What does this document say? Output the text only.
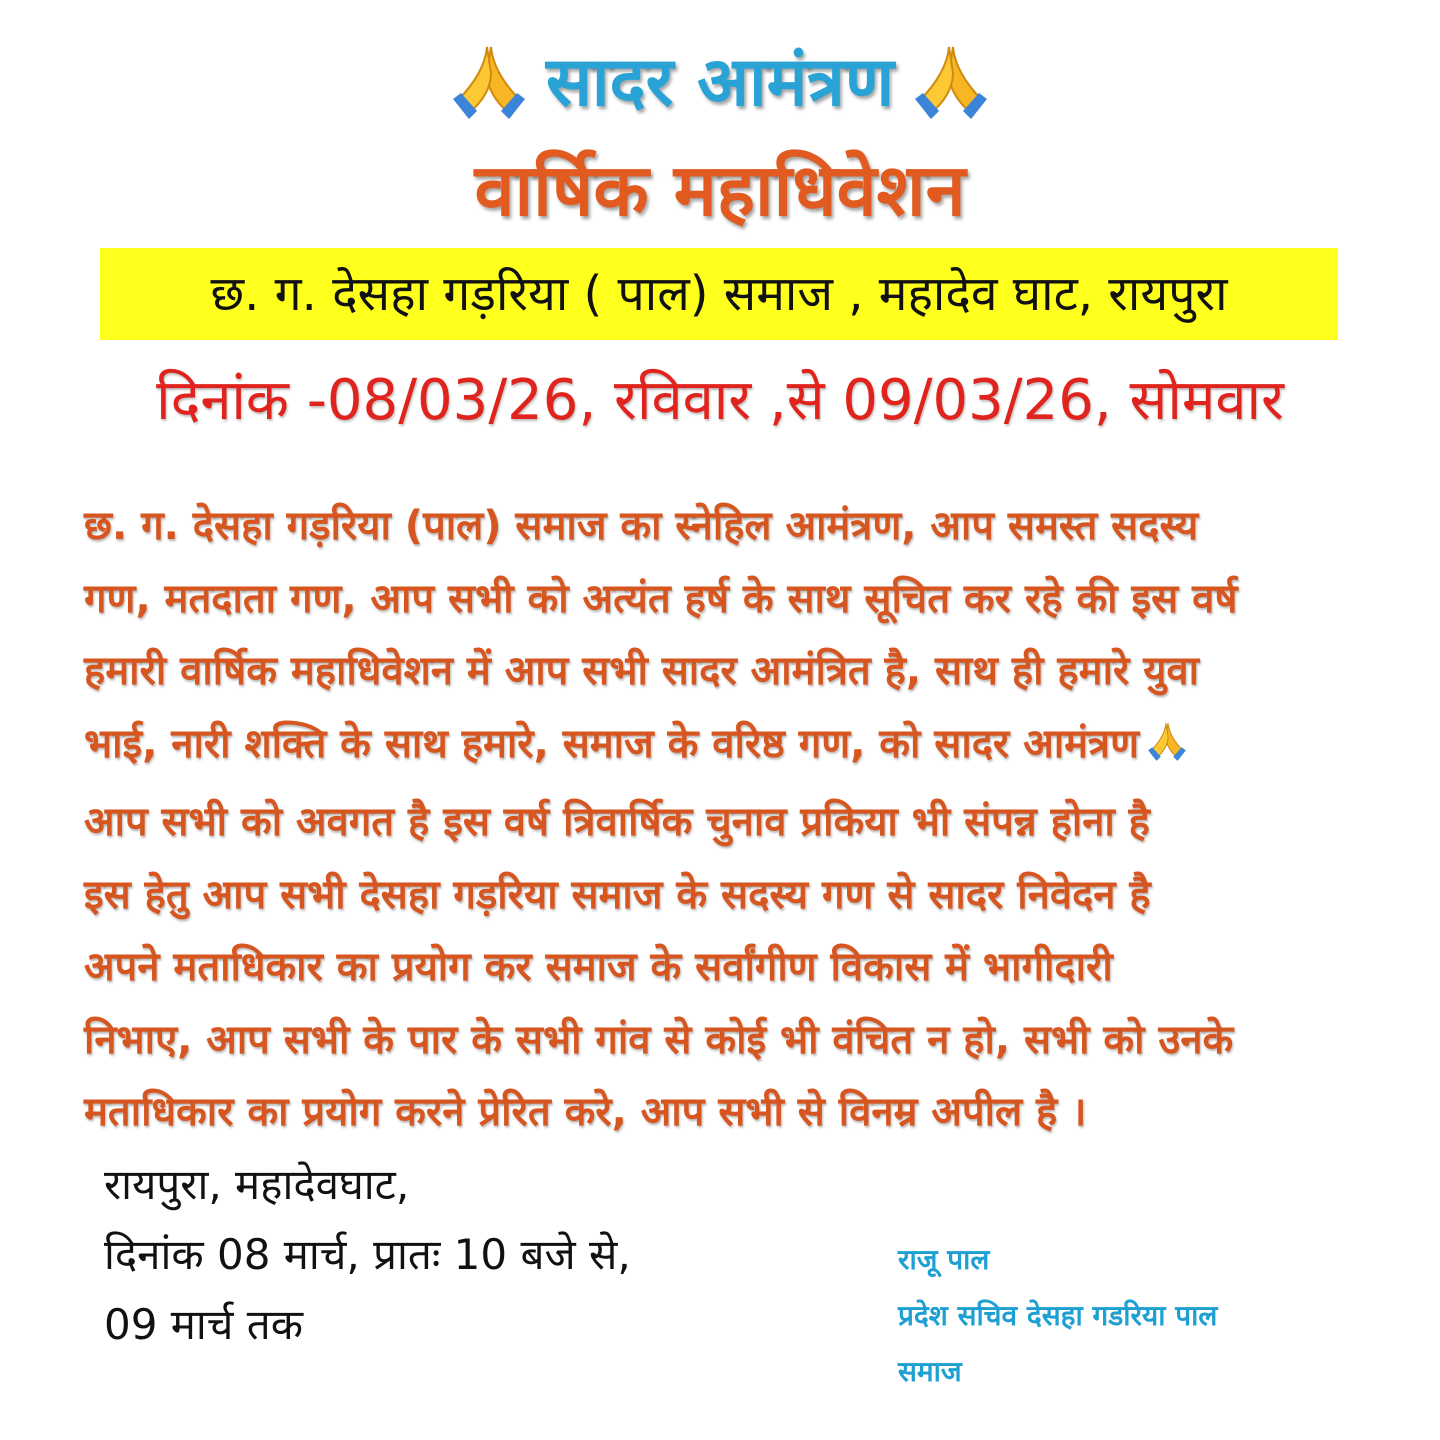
सादर आमंत्रण
वार्षिक महाधिवेशन
छ. ग. देसहा गड़रिया ( पाल) समाज , महादेव घाट, रायपुरा
दिनांक -08/03/26, रविवार ,से 09/03/26, सोमवार
छ. ग. देसहा गड़रिया (पाल) समाज का स्नेहिल आमंत्रण, आप समस्त सदस्य
गण, मतदाता गण, आप सभी को अत्यंत हर्ष के साथ सूचित कर रहे की इस वर्ष
हमारी वार्षिक महाधिवेशन में आप सभी सादर आमंत्रित है, साथ ही हमारे युवा
भाई, नारी शक्ति के साथ हमारे, समाज के वरिष्ठ गण, को सादर आमंत्रण
आप सभी को अवगत है इस वर्ष त्रिवार्षिक चुनाव प्रकिया भी संपन्न होना है
इस हेतु आप सभी देसहा गड़रिया समाज के सदस्य गण से सादर निवेदन है
अपने मताधिकार का प्रयोग कर समाज के सर्वांगीण विकास में भागीदारी
निभाए, आप सभी के पार के सभी गांव से कोई भी वंचित न हो, सभी को उनके
मताधिकार का प्रयोग करने प्रेरित करे, आप सभी से विनम्र अपील है ।
रायपुरा, महादेवघाट,
दिनांक 08 मार्च, प्रातः 10 बजे से,
09 मार्च तक
राजू पाल
प्रदेश सचिव देसहा गडरिया पाल
समाज
